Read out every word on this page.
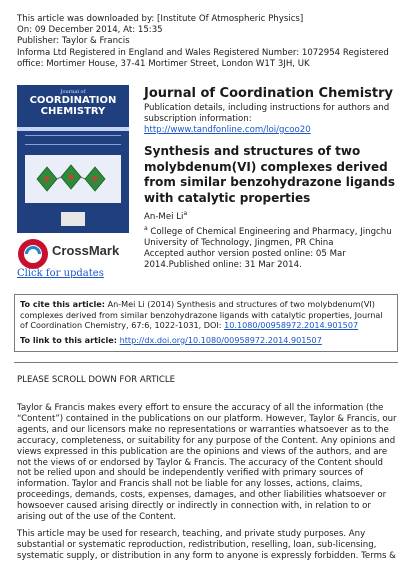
This article was downloaded by: [Institute Of Atmospheric Physics]
On: 09 December 2014, At: 15:35
Publisher: Taylor & Francis
Informa Ltd Registered in England and Wales Registered Number: 1072954 Registered
office: Mortimer House, 37-41 Mortimer Street, London W1T 3JH, UK
Journal of
COORDINATION
CHEMISTRY
CrossMark
Click for updates
Journal of Coordination Chemistry
Publication details, including instructions for authors and subscription information:
http://www.tandfonline.com/loi/gcoo20
Synthesis and structures of two molybdenum(VI) complexes derived from similar benzohydrazone ligands with catalytic properties
An-Mei Li$^a$
$^a$ College of Chemical Engineering and Pharmacy, Jingchu University of Technology, Jingmen, PR China
Accepted author version posted online: 05 Mar 2014.Published online: 31 Mar 2014.
To cite this article: An-Mei Li (2014) Synthesis and structures of two molybdenum(VI) complexes derived from similar benzohydrazone ligands with catalytic properties, Journal of Coordination Chemistry, 67:6, 1022-1031, DOI: 10.1080/00958972.2014.901507
To link to this article: http://dx.doi.org/10.1080/00958972.2014.901507
PLEASE SCROLL DOWN FOR ARTICLE

Taylor & Francis makes every effort to ensure the accuracy of all the information (the “Content”) contained in the publications on our platform. However, Taylor & Francis, our agents, and our licensors make no representations or warranties whatsoever as to the accuracy, completeness, or suitability for any purpose of the Content. Any opinions and views expressed in this publication are the opinions and views of the authors, and are not the views of or endorsed by Taylor & Francis. The accuracy of the Content should not be relied upon and should be independently verified with primary sources of information. Taylor and Francis shall not be liable for any losses, actions, claims, proceedings, demands, costs, expenses, damages, and other liabilities whatsoever or howsoever caused arising directly or indirectly in connection with, in relation to or arising out of the use of the Content.

This article may be used for research, teaching, and private study purposes. Any substantial or systematic reproduction, redistribution, reselling, loan, sub-licensing, systematic supply, or distribution in any form to anyone is expressly forbidden. Terms &
